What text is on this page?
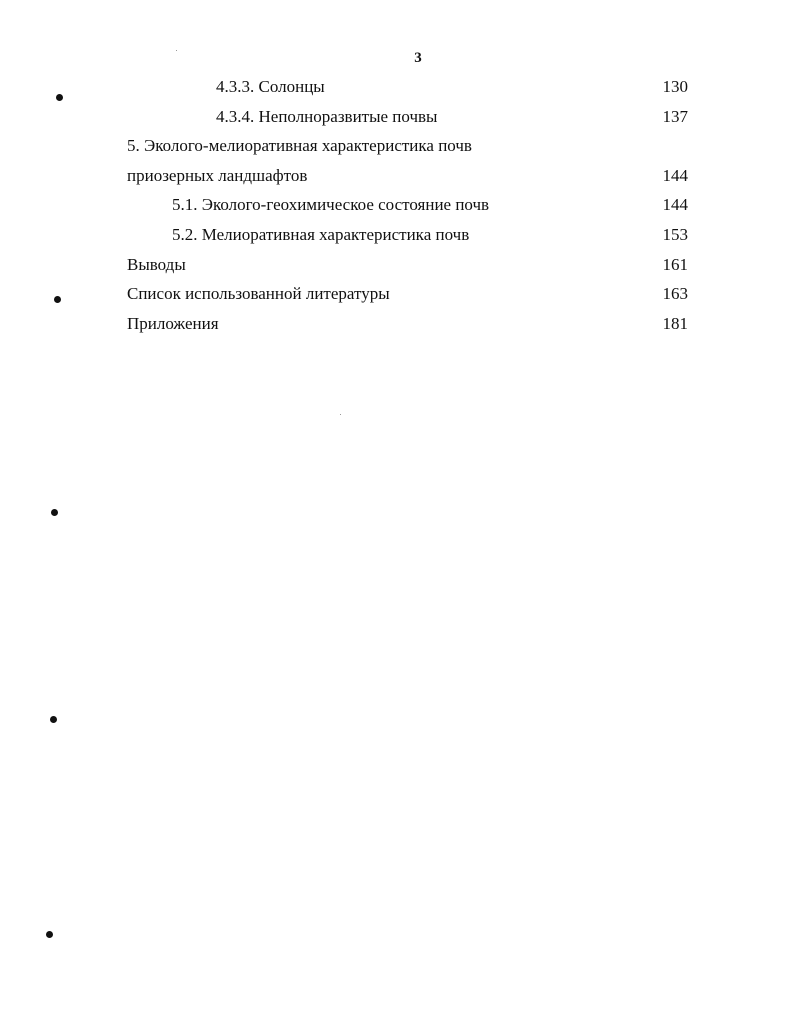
3
4.3.3. Солонцы	130
4.3.4. Неполноразвитые почвы	137
5. Эколого-мелиоративная характеристика почв
приозерных ландшафтов	144
5.1. Эколого-геохимическое состояние почв	144
5.2. Мелиоративная характеристика почв	153
Выводы	161
Список использованной литературы	163
Приложения	181
